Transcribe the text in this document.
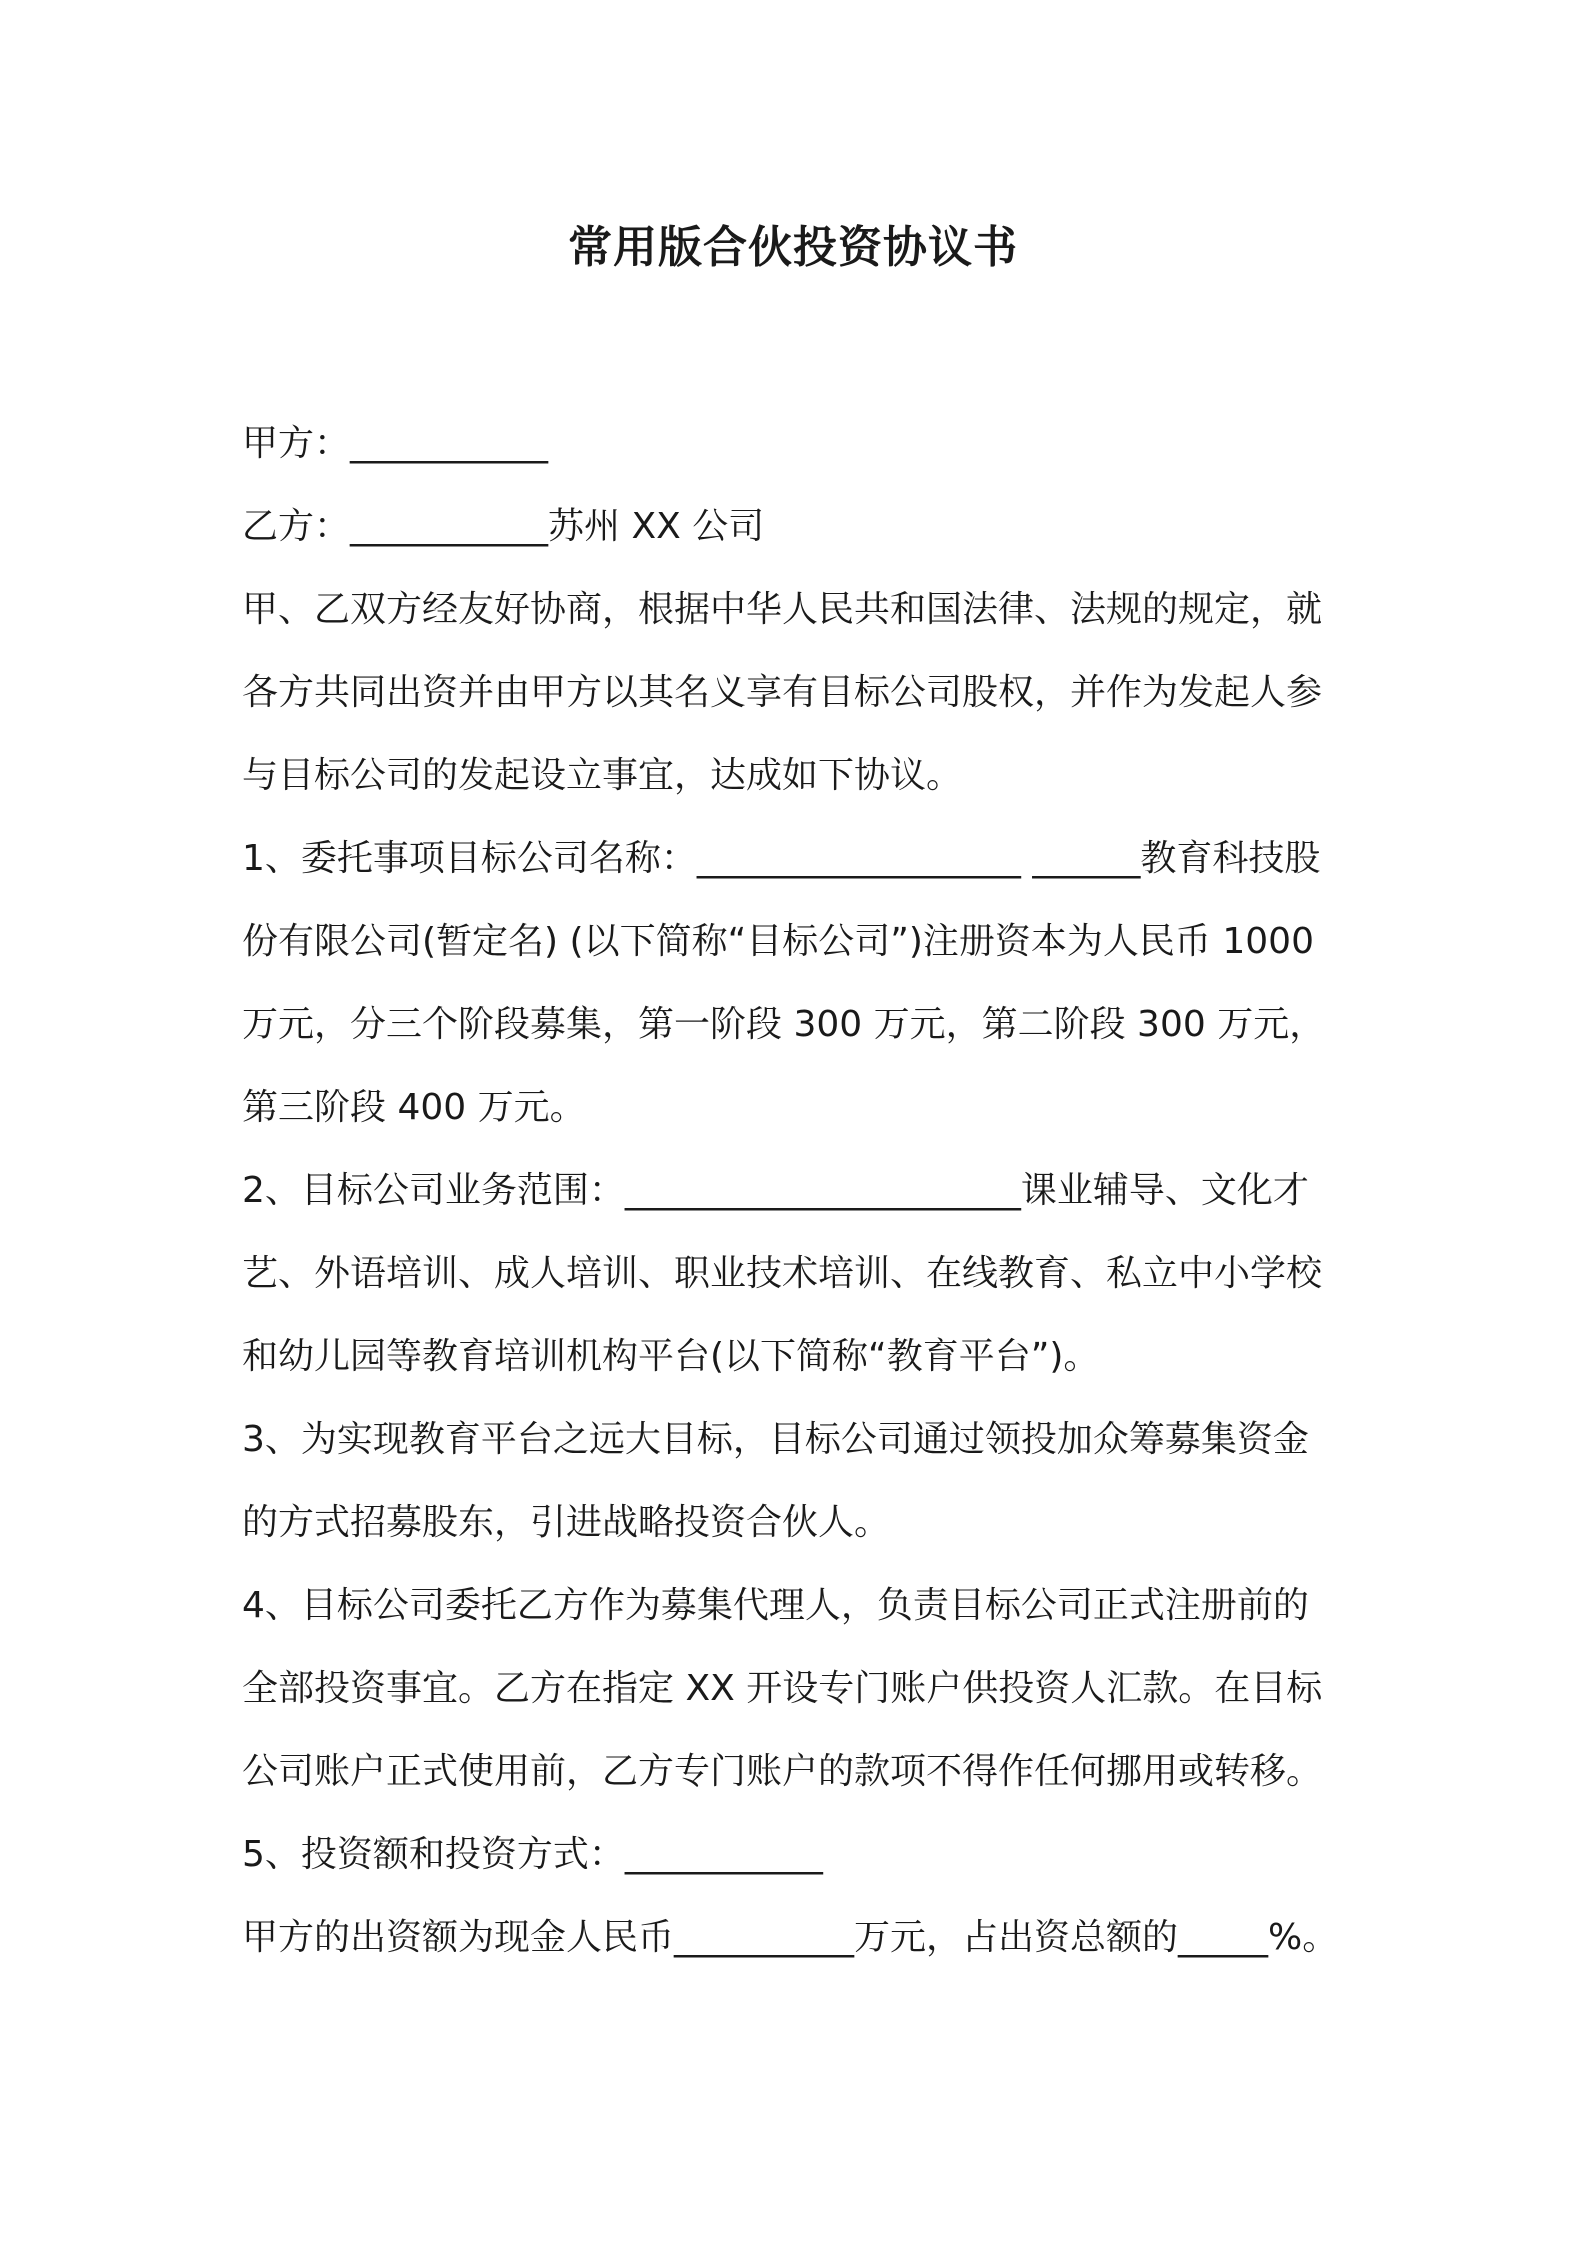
常用版合伙投资协议书
甲方：___________
乙方：___________苏州 XX 公司
甲、乙双方经友好协商，根据中华人民共和国法律、法规的规定，就
各方共同出资并由甲方以其名义享有目标公司股权，并作为发起人参
与目标公司的发起设立事宜，达成如下协议。
1、委托事项目标公司名称：__________________ ______教育科技股
份有限公司(暂定名) (以下简称“目标公司”)注册资本为人民币 1000
万元，分三个阶段募集，第一阶段 300 万元，第二阶段 300 万元，
第三阶段 400 万元。
2、目标公司业务范围：______________________课业辅导、文化才
艺、外语培训、成人培训、职业技术培训、在线教育、私立中小学校
和幼儿园等教育培训机构平台(以下简称“教育平台”)。
3、为实现教育平台之远大目标，目标公司通过领投加众筹募集资金
的方式招募股东，引进战略投资合伙人。
4、目标公司委托乙方作为募集代理人，负责目标公司正式注册前的
全部投资事宜。乙方在指定 XX 开设专门账户供投资人汇款。在目标
公司账户正式使用前，乙方专门账户的款项不得作任何挪用或转移。
5、投资额和投资方式：___________
甲方的出资额为现金人民币__________万元，占出资总额的_____%。
